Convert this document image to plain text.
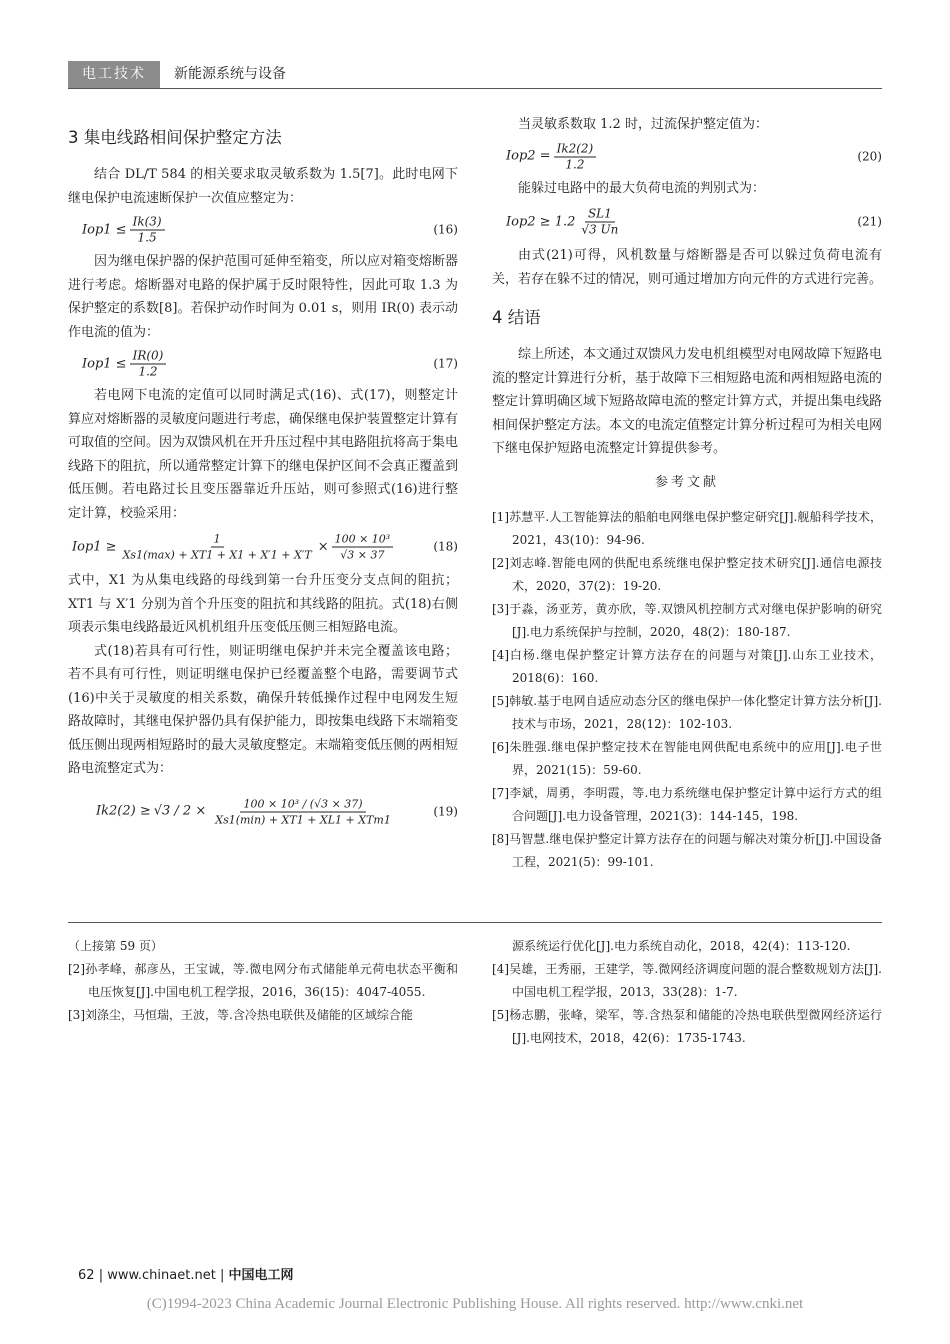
电工技术	新能源系统与设备

3 集电线路相间保护整定方法

结合 DL/T 584 的相关要求取灵敏系数为 1.5[7]。此时电网下继电保护电流速断保护一次值应整定为：

$Iop1 \le \frac{Ik(3)}{1.5}$	(16)

因为继电保护器的保护范围可延伸至箱变，所以应对箱变熔断器进行考虑。熔断器对电路的保护属于反时限特性，因此可取 1.3 为保护整定的系数[8]。若保护动作时间为 0.01 s，则用 IR(0) 表示动作电流的值为：

$Iop1 \le \frac{IR(0)}{1.2}$	(17)

若电网下电流的定值可以同时满足式(16)、式(17)，则整定计算应对熔断器的灵敏度问题进行考虑，确保继电保护装置整定计算有可取值的空间。因为双馈风机在开升压过程中其电路阻抗将高于集电线路下的阻抗，所以通常整定计算下的继电保护区间不会真正覆盖到低压侧。若电路过长且变压器靠近升压站，则可参照式(16)进行整定计算，校验采用：

$Iop1 \ge \frac{1}{Xs1(\max) + XT1 + X1 + X'1 + X'T} \times \frac{\text{100 × 10³}}{√3 \times 37}$	(18)

式中，X1 为从集电线路的母线到第一台升压变分支点间的阻抗；XT1 与 X′1 分别为首个升压变的阻抗和其线路的阻抗。式(18)右侧项表示集电线路最近风机机组升压变低压侧三相短路电流。

式(18)若具有可行性，则证明继电保护并未完全覆盖该电路；若不具有可行性，则证明继电保护已经覆盖整个电路，需要调节式(16)中关于灵敏度的相关系数，确保升转低操作过程中电网发生短路故障时，其继电保护器仍具有保护能力，即按集电线路下末端箱变低压侧出现两相短路时的最大灵敏度整定。末端箱变低压侧的两相短路电流整定式为：

$Ik2(2) \ge √3 / 2 \times \frac{\text{100 × 10³ / (√3 × 37)}}{\text{Xs1(min) + XT1 + XL1 + XTm1}}$	(19)

当灵敏系数取 1.2 时，过流保护整定值为：

$Iop2 = \frac{Ik2(2)}{1.2}$	(20)

能躲过电路中的最大负荷电流的判别式为：

$Iop2 \ge 1.2 \frac{SL1}{√3 Un}$	(21)

由式(21)可得，风机数量与熔断器是否可以躲过负荷电流有关，若存在躲不过的情况，则可通过增加方向元件的方式进行完善。

4 结语

综上所述，本文通过双馈风力发电机组模型对电网故障下短路电流的整定计算进行分析，基于故障下三相短路电流和两相短路电流的整定计算明确区域下短路故障电流的整定计算方式，并提出集电线路相间保护整定方法。本文的电流定值整定计算分析过程可为相关电网下继电保护短路电流整定计算提供参考。

参考文献
[1]苏慧平.人工智能算法的船舶电网继电保护整定研究[J].舰船科学技术，2021，43(10)：94-96.
[2]刘志峰.智能电网的供配电系统继电保护整定技术研究[J].通信电源技术，2020，37(2)：19-20.
[3]于淼，汤亚芳，黄亦欣，等.双馈风机控制方式对继电保护影响的研究[J].电力系统保护与控制，2020，48(2)：180-187.
[4]白杨.继电保护整定计算方法存在的问题与对策[J].山东工业技术，2018(6)：160.
[5]韩敏.基于电网自适应动态分区的继电保护一体化整定计算方法分析[J].技术与市场，2021，28(12)：102-103.
[6]朱胜强.继电保护整定技术在智能电网供配电系统中的应用[J].电子世界，2021(15)：59-60.
[7]李斌，周勇，李明霞，等.电力系统继电保护整定计算中运行方式的组合问题[J].电力设备管理，2021(3)：144-145，198.
[8]马智慧.继电保护整定计算方法存在的问题与解决对策分析[J].中国设备工程，2021(5)：99-101.

（上接第 59 页）

[2]孙孝峰，郝彦丛，王宝诚，等.微电网分布式储能单元荷电状态平衡和电压恢复[J].中国电机工程学报，2016，36(15)：4047-4055.
[3]刘涤尘，马恒瑞，王波，等.含冷热电联供及储能的区域综合能
源系统运行优化[J].电力系统自动化，2018，42(4)：113-120.
[4]吴雄，王秀丽，王建学，等.微网经济调度问题的混合整数规划方法[J].中国电机工程学报，2013，33(28)：1-7.
[5]杨志鹏，张峰，梁军，等.含热泵和储能的冷热电联供型微网经济运行[J].电网技术，2018，42(6)：1735-1743.
62 | www.chinaet.net | 中国电工网
(C)1994-2023 China Academic Journal Electronic Publishing House. All rights reserved. http://www.cnki.net
